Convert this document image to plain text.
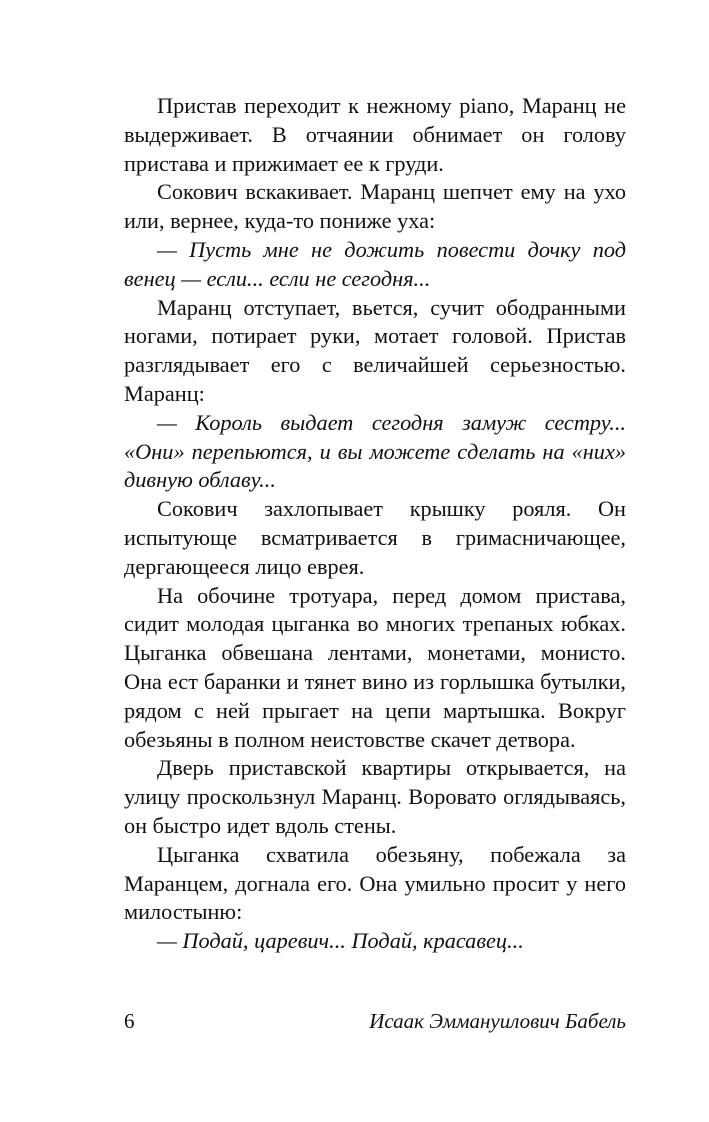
Пристав переходит к нежному piano, Маранц не выдерживает. В отчаянии обнимает он голову пристава и прижимает ее к груди.

Сокович вскакивает. Маранц шепчет ему на ухо или, вернее, куда-то пониже уха:

— Пусть мне не дожить повести дочку под венец — если... если не сегодня...

Маранц отступает, вьется, сучит ободранными ногами, потирает руки, мотает головой. Пристав разглядывает его с величайшей серьезностью. Маранц:

— Король выдает сегодня замуж сестру... «Они» перепьются, и вы можете сделать на «них» дивную облаву...

Сокович захлопывает крышку рояля. Он испытующе всматривается в гримасничающее, дергающееся лицо еврея.

На обочине тротуара, перед домом пристава, сидит молодая цыганка во многих трепаных юбках. Цыганка обвешана лентами, монетами, монисто. Она ест баранки и тянет вино из горлышка бутылки, рядом с ней прыгает на цепи мартышка. Вокруг обезьяны в полном неистовстве скачет детвора.

Дверь приставской квартиры открывается, на улицу проскользнул Маранц. Воровато оглядываясь, он быстро идет вдоль стены.

Цыганка схватила обезьяну, побежала за Маранцем, догнала его. Она умильно просит у него милостыню:

— Подай, царевич... Подай, красавец...

6	Исаак Эммануилович Бабель
